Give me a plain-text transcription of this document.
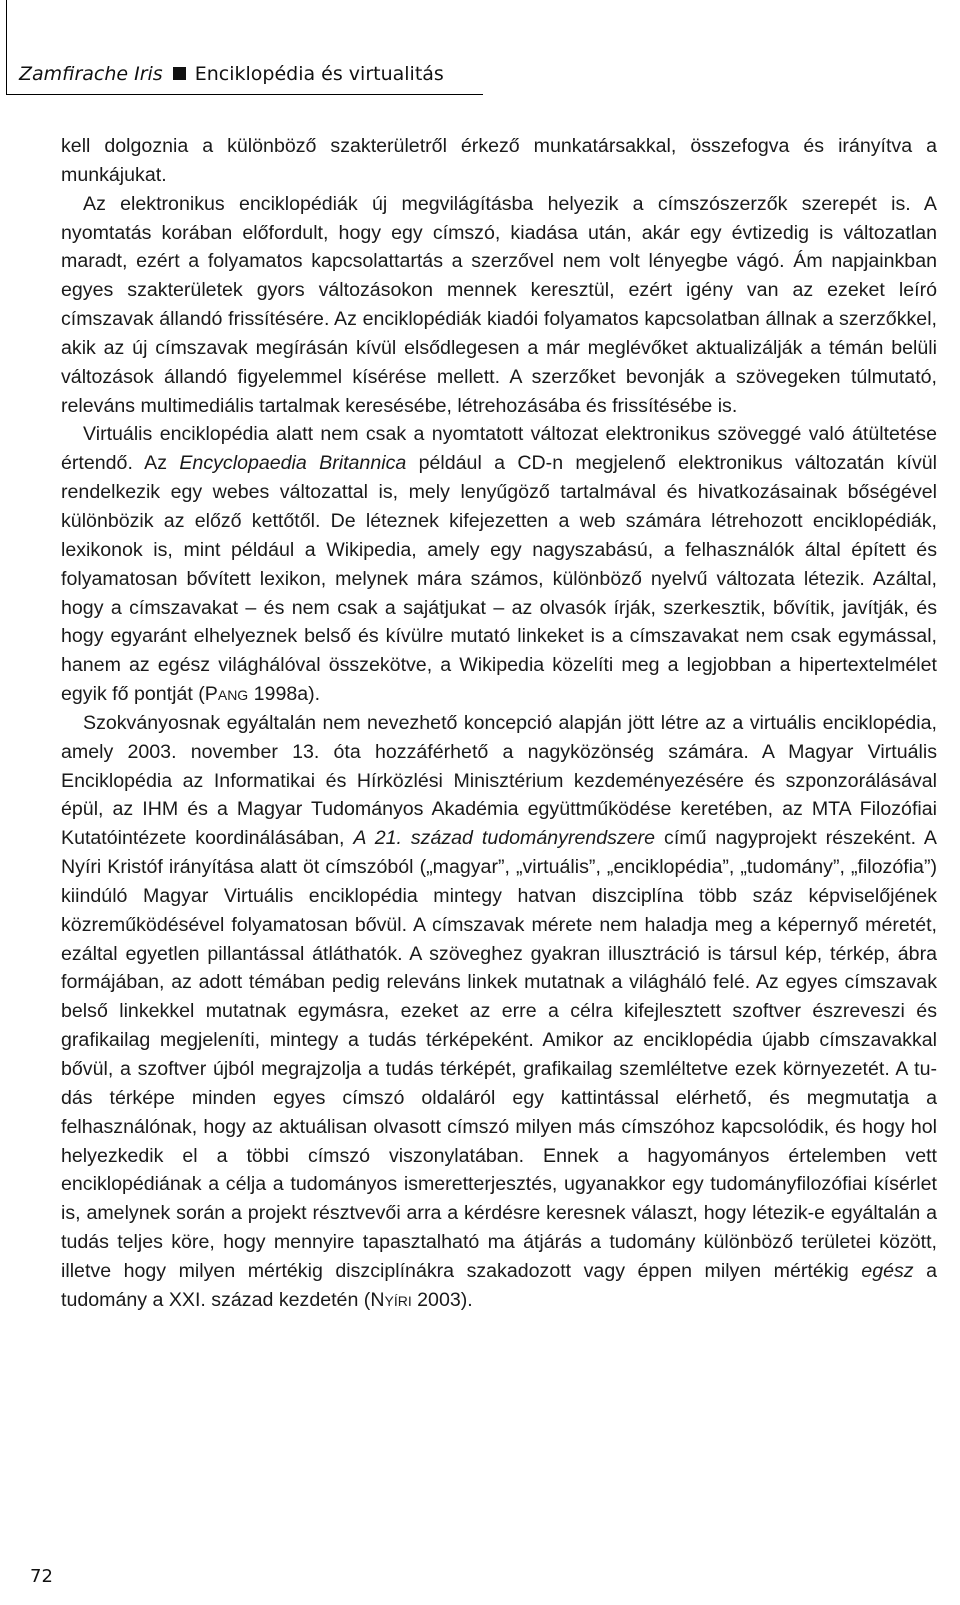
Zamfirache Iris Enciklopédia és virtualitás

kell dolgoznia a különböző szakterületről érkező munkatársakkal, összefogva és irányítva a munkájukat.

Az elektronikus enciklopédiák új megvilágításba helyezik a címszószerzők szerepét is. A nyomtatás korában előfordult, hogy egy címszó, kiadása után, akár egy évtizedig is változatlan maradt, ezért a folyamatos kapcsolattartás a szerzővel nem volt lényegbe vágó. Ám napjainkban egyes szakterületek gyors változásokon mennek keresztül, ezért igény van az ezeket leíró címszavak állandó frissítésére. Az enciklopédiák kiadói folyamatos kapcsolatban állnak a szerzőkkel, akik az új címszavak megírásán kívül elsődlegesen a már meglévőket aktualizálják a témán belüli változások állandó figyelemmel kísérése mellett. A szerzőket bevonják a szövegeken túlmutató, releváns multimediális tartalmak keresésébe, létrehozásába és frissítésébe is.

Virtuális enciklopédia alatt nem csak a nyomtatott változat elektronikus szöveggé való átültetése értendő. Az Encyclopaedia Britannica például a CD-n megjelenő elektronikus változatán kívül rendelkezik egy webes változattal is, mely lenyűgöző tartalmával és hivatkozásainak bőségével különbözik az előző kettőtől. De léteznek kifejezetten a web számára létrehozott enciklopédiák, lexikonok is, mint például a Wikipedia, amely egy nagyszabású, a felhasználók által épített és folyamatosan bővített lexikon, melynek mára számos, különböző nyelvű változata létezik. Azáltal, hogy a címszavakat – és nem csak a sajátjukat – az olvasók írják, szerkesztik, bővítik, javítják, és hogy egyaránt elhelyeznek belső és kívülre mutató linkeket is a címszavakat nem csak egymással, hanem az egész világhálóval összekötve, a Wikipedia közelíti meg a legjobban a hipertextelmélet egyik fő pontját (Pang 1998a).

Szokványosnak egyáltalán nem nevezhető koncepció alapján jött létre az a virtuális enciklopédia, amely 2003. november 13. óta hozzáférhető a nagyközönség számára. A Magyar Virtuális Enciklopédia az Informatikai és Hírközlési Minisztérium kezdeményezésére és szponzorálásával épül, az IHM és a Magyar Tudományos Akadémia együttműködése keretében, az MTA Filozófiai Kutatóintézete koordinálásában, A 21. század tudományrendszere című nagyprojekt részeként. A Nyíri Kristóf irányítása alatt öt címszóból („magyar”, „virtuális”, „enciklopédia”, „tudomány”, „filozófia”) kiindúló Magyar Virtuális enciklopédia mintegy hatvan diszciplína több száz képviselőjének közreműködésével folyamatosan bővül. A címszavak mérete nem haladja meg a képernyő méretét, ezáltal egyetlen pillantással átláthatók. A szöveghez gyakran illusztráció is társul kép, térkép, ábra formájában, az adott témában pedig releváns linkek mutatnak a világháló felé. Az egyes címszavak belső linkekkel mutatnak egymásra, ezeket az erre a célra kifejlesztett szoftver észreveszi és grafikailag megjeleníti, mintegy a tudás térképeként. Amikor az enciklopédia újabb címszavakkal bővül, a szoftver újból megrajzolja a tudás térképét, grafikailag szemléltetve ezek környezetét. A tudás térképe minden egyes címszó oldaláról egy kattintással elérhető, és megmutatja a felhasználónak, hogy az aktuálisan olvasott címszó milyen más címszóhoz kapcsolódik, és hogy hol helyezkedik el a többi címszó viszonylatában. Ennek a hagyományos értelemben vett enciklopédiának a célja a tudományos ismeretterjesztés, ugyanakkor egy tudományfilozófiai kísérlet is, amelynek során a projekt résztvevői arra a kérdésre keresnek választ, hogy létezik-e egyáltalán a tudás teljes köre, hogy mennyire tapasztalható ma átjárás a tudomány különböző területei között, illetve hogy milyen mértékig diszciplínákra szakadozott vagy éppen milyen mértékig egész a tudomány a XXI. század kezdetén (Nyíri 2003).

72
